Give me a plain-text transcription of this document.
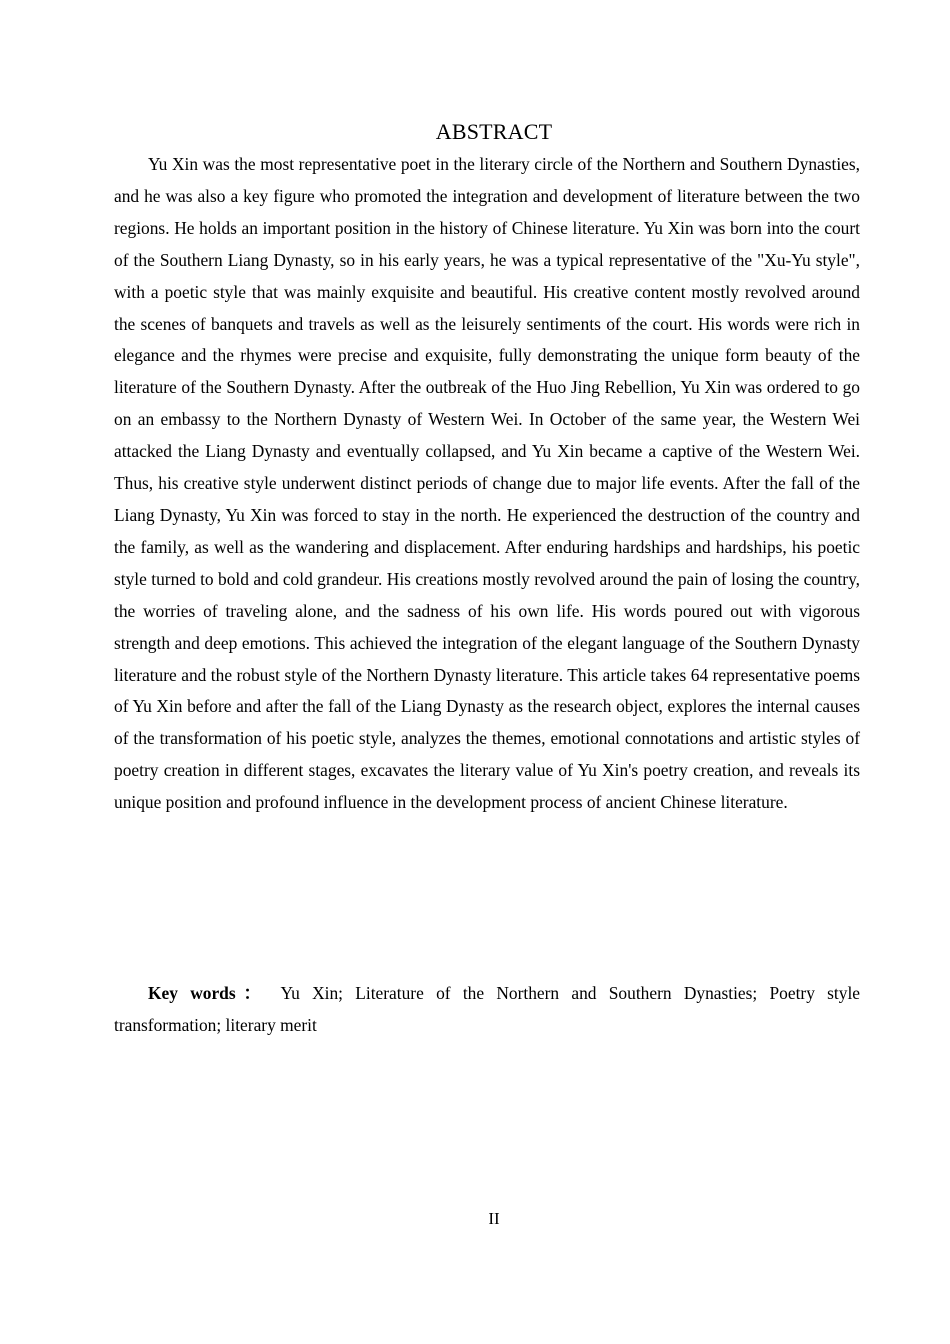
ABSTRACT

Yu Xin was the most representative poet in the literary circle of the Northern and Southern Dynasties, and he was also a key figure who promoted the integration and development of literature between the two regions. He holds an important position in the history of Chinese literature. Yu Xin was born into the court of the Southern Liang Dynasty, so in his early years, he was a typical representative of the "Xu-Yu style", with a poetic style that was mainly exquisite and beautiful. His creative content mostly revolved around the scenes of banquets and travels as well as the leisurely sentiments of the court. His words were rich in elegance and the rhymes were precise and exquisite, fully demonstrating the unique form beauty of the literature of the Southern Dynasty. After the outbreak of the Huo Jing Rebellion, Yu Xin was ordered to go on an embassy to the Northern Dynasty of Western Wei. In October of the same year, the Western Wei attacked the Liang Dynasty and eventually collapsed, and Yu Xin became a captive of the Western Wei. Thus, his creative style underwent distinct periods of change due to major life events. After the fall of the Liang Dynasty, Yu Xin was forced to stay in the north. He experienced the destruction of the country and the family, as well as the wandering and displacement. After enduring hardships and hardships, his poetic style turned to bold and cold grandeur. His creations mostly revolved around the pain of losing the country, the worries of traveling alone, and the sadness of his own life. His words poured out with vigorous strength and deep emotions. This achieved the integration of the elegant language of the Southern Dynasty literature and the robust style of the Northern Dynasty literature. This article takes 64 representative poems of Yu Xin before and after the fall of the Liang Dynasty as the research object, explores the internal causes of the transformation of his poetic style, analyzes the themes, emotional connotations and artistic styles of poetry creation in different stages, excavates the literary value of Yu Xin's poetry creation, and reveals its unique position and profound influence in the development process of ancient Chinese literature.

Key words： Yu Xin; Literature of the Northern and Southern Dynasties; Poetry style transformation; literary merit

II
